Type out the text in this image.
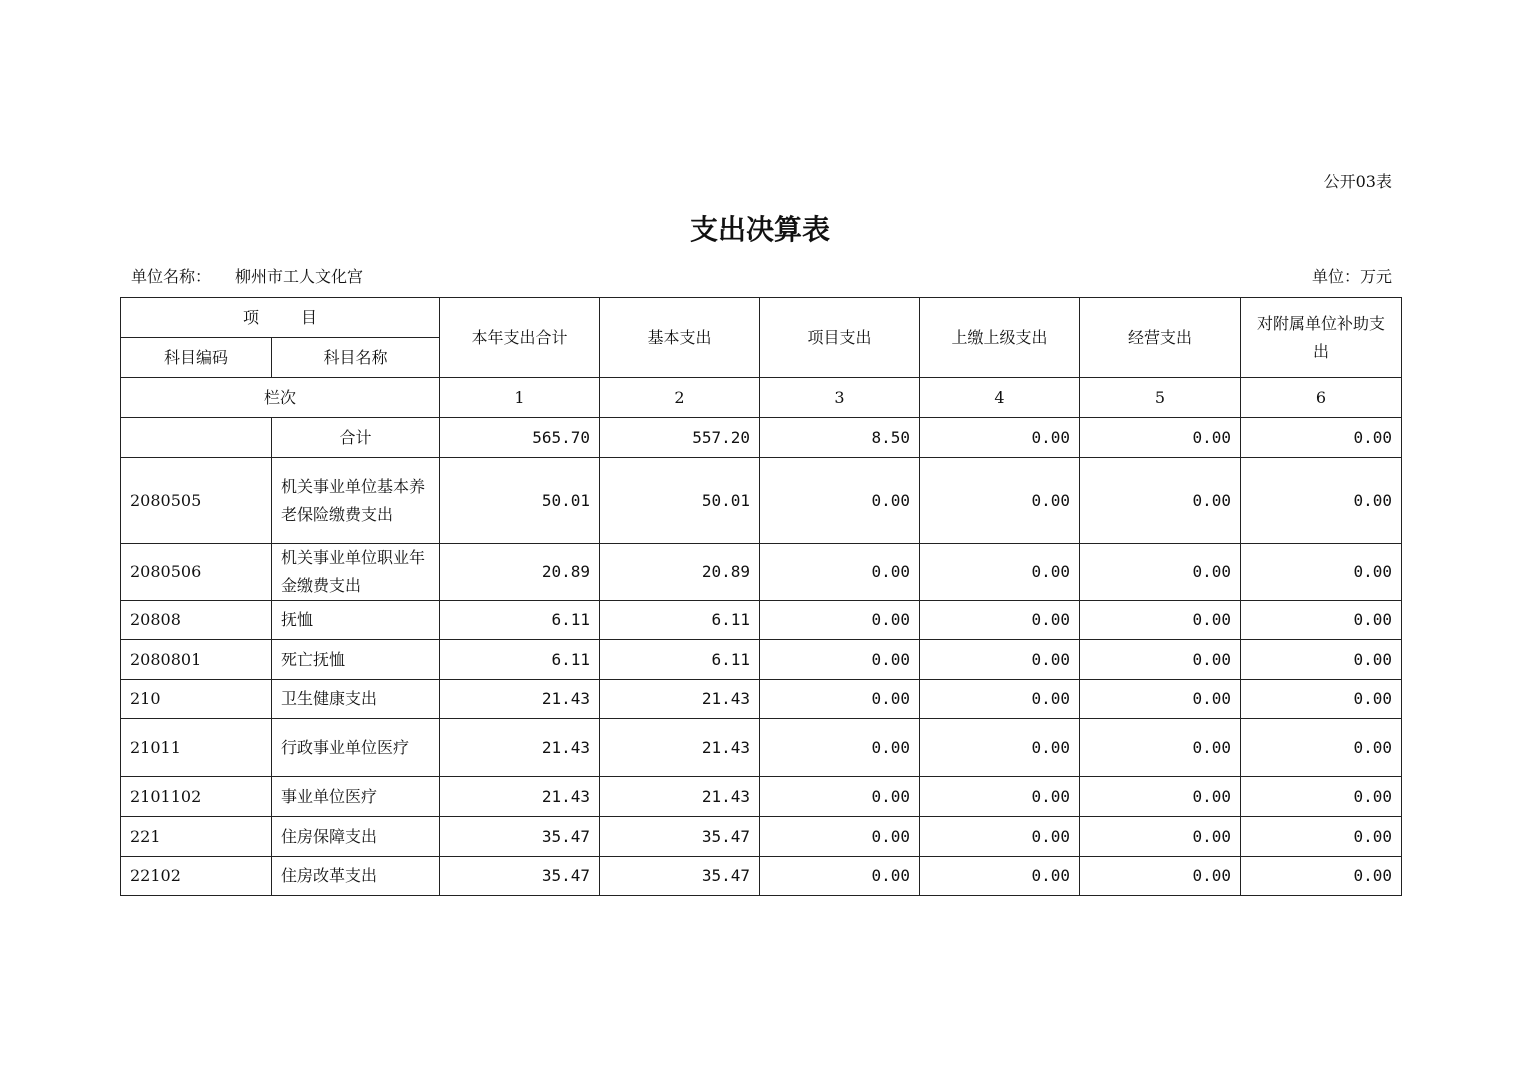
公开03表
支出决算表
单位名称： 柳州市工人文化宫	单位：万元
项 目		本年支出合计	基本支出	项目支出	上缴上级支出	经营支出	对附属单位补助支出
科目编码	科目名称						
栏次		1	2	3	4	5	6
	合计	565.70	557.20	8.50	0.00	0.00	0.00
2080505	机关事业单位基本养老保险缴费支出	50.01	50.01	0.00	0.00	0.00	0.00
2080506	机关事业单位职业年金缴费支出	20.89	20.89	0.00	0.00	0.00	0.00
20808	抚恤	6.11	6.11	0.00	0.00	0.00	0.00
2080801	死亡抚恤	6.11	6.11	0.00	0.00	0.00	0.00
210	卫生健康支出	21.43	21.43	0.00	0.00	0.00	0.00
21011	行政事业单位医疗	21.43	21.43	0.00	0.00	0.00	0.00
2101102	事业单位医疗	21.43	21.43	0.00	0.00	0.00	0.00
221	住房保障支出	35.47	35.47	0.00	0.00	0.00	0.00
22102	住房改革支出	35.47	35.47	0.00	0.00	0.00	0.00
